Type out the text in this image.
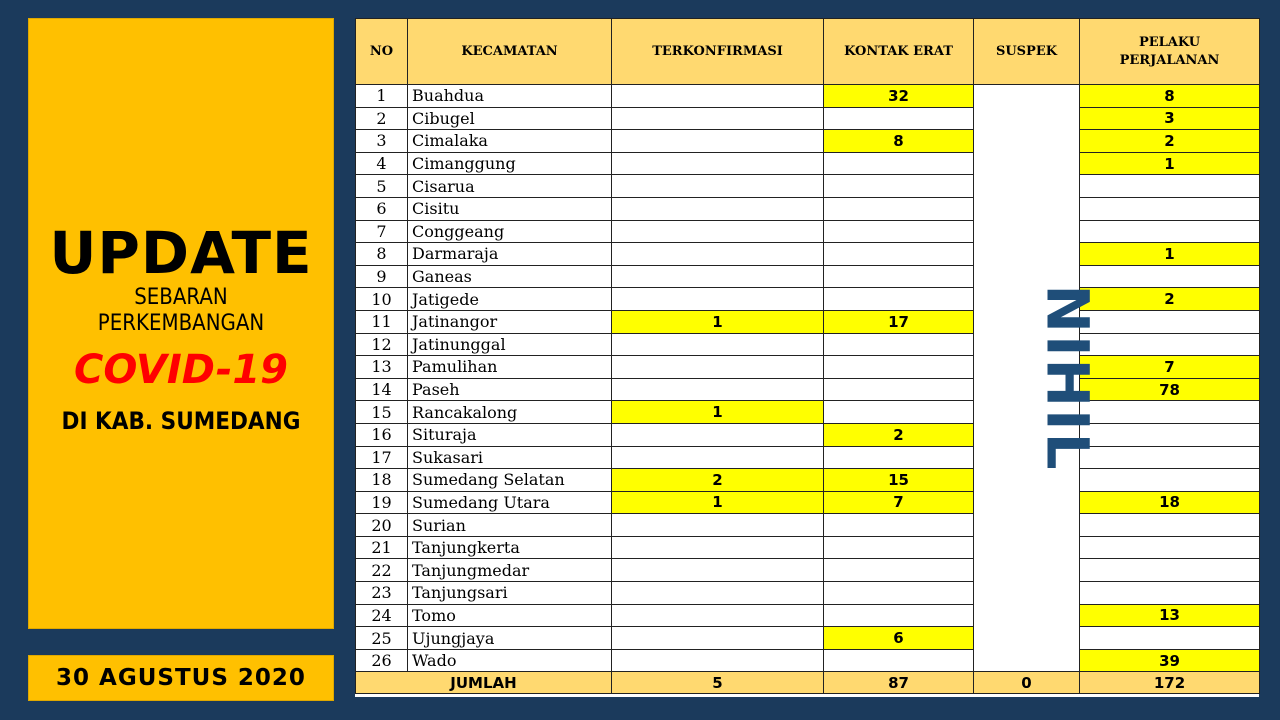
UPDATE
SEBARAN
PERKEMBANGAN
COVID-19
DI KAB. SUMEDANG
30 AGUSTUS 2020
NO	KECAMATAN	TERKONFIRMASI	KONTAK ERAT	SUSPEK	PELAKU
PERJALANAN

1	Buahdua		32	NIHIL	8
2	Cibugel				3
3	Cimalaka		8		2
4	Cimanggung				1
5	Cisarua				
6	Cisitu				
7	Conggeang				
8	Darmaraja				1
9	Ganeas				
10	Jatigede				2
11	Jatinangor	1	17		
12	Jatinunggal				
13	Pamulihan				7
14	Paseh				78
15	Rancakalong	1			
16	Situraja		2		
17	Sukasari				
18	Sumedang Selatan	2	15		
19	Sumedang Utara	1	7		18
20	Surian				
21	Tanjungkerta				
22	Tanjungmedar				
23	Tanjungsari				
24	Tomo				13
25	Ujungjaya		6		
26	Wado				39
JUMLAH		5	87	0	172
